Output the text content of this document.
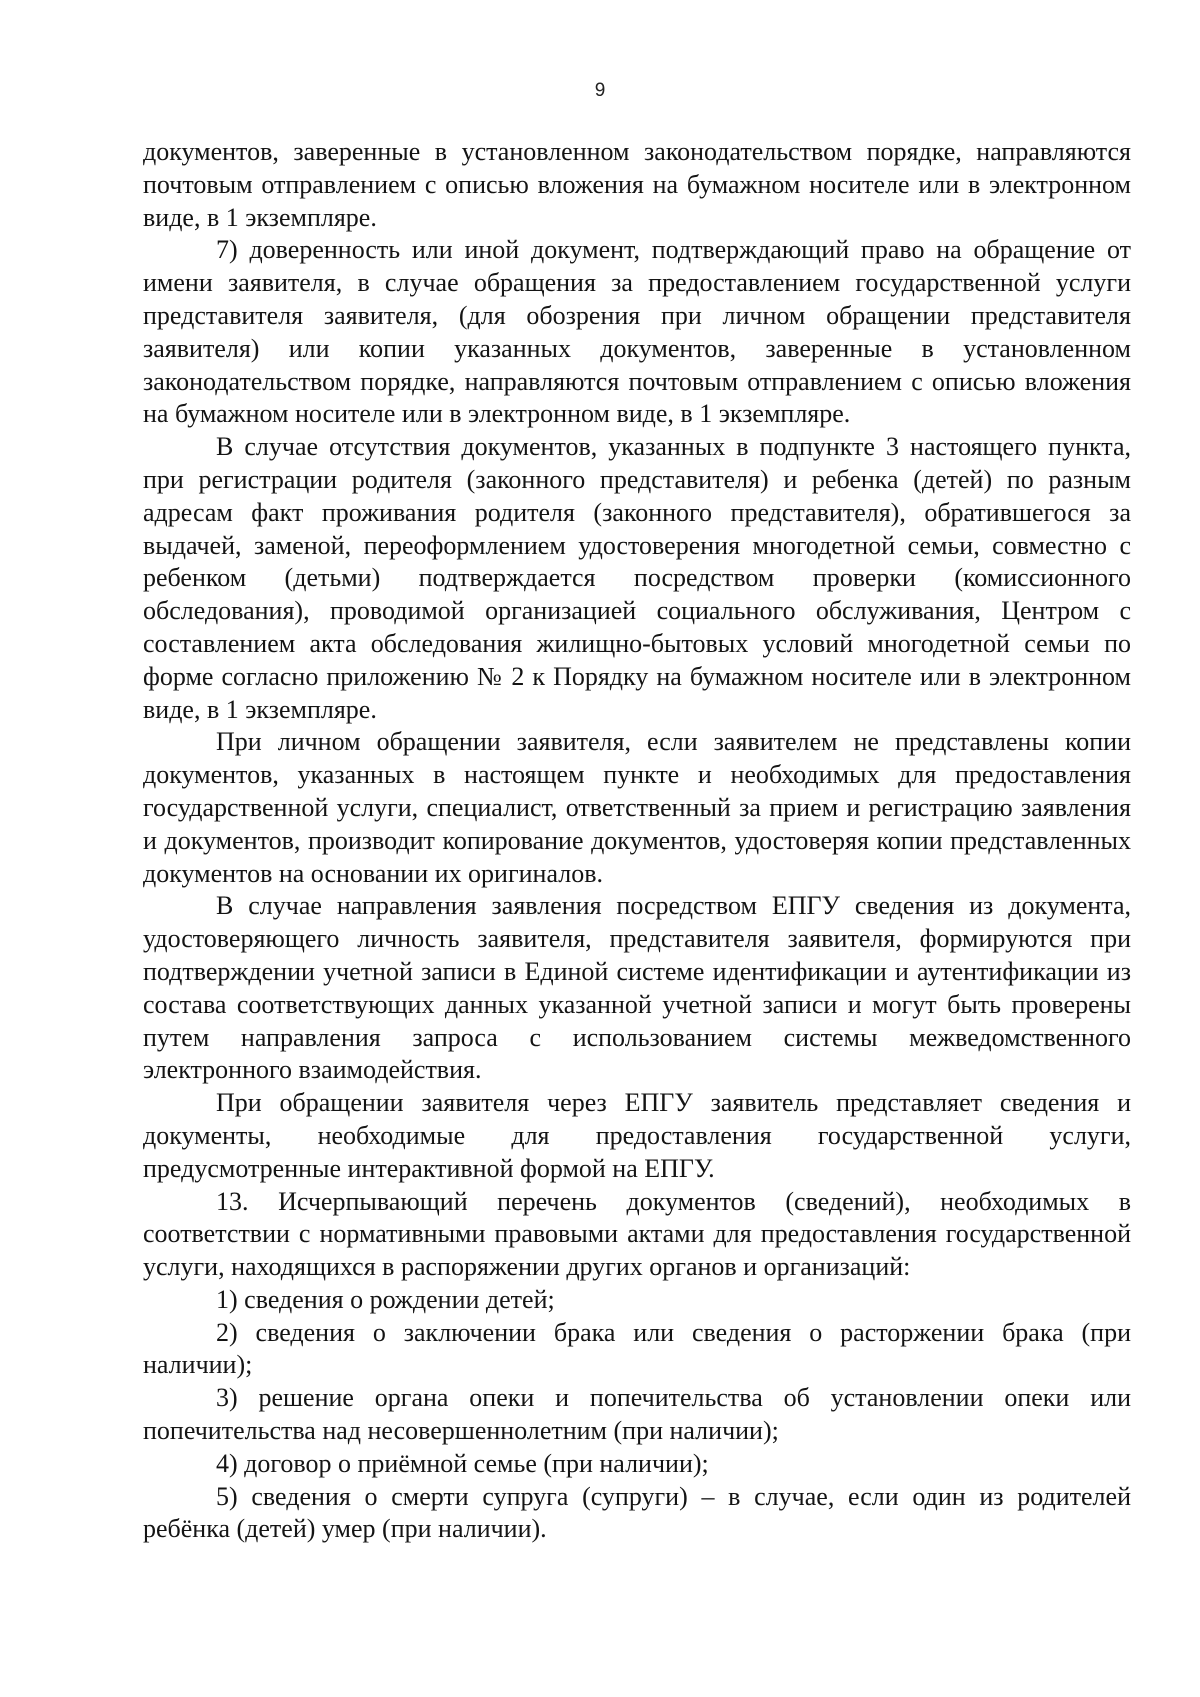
9

документов, заверенные в установленном законодательством порядке, направляются почтовым отправлением с описью вложения на бумажном носителе или в электронном виде, в 1 экземпляре.

7) доверенность или иной документ, подтверждающий право на обращение от имени заявителя, в случае обращения за предоставлением государственной услуги представителя заявителя, (для обозрения при личном обращении представителя заявителя) или копии указанных документов, заверенные в установленном законодательством порядке, направляются почтовым отправлением с описью вложения на бумажном носителе или в электронном виде, в 1 экземпляре.

В случае отсутствия документов, указанных в подпункте 3 настоящего пункта, при регистрации родителя (законного представителя) и ребенка (детей) по разным адресам факт проживания родителя (законного представителя), обратившегося за выдачей, заменой, переоформлением удостоверения многодетной семьи, совместно с ребенком (детьми) подтверждается посредством проверки (комиссионного обследования), проводимой организацией социального обслуживания, Центром с составлением акта обследования жилищно-бытовых условий многодетной семьи по форме согласно приложению № 2 к Порядку на бумажном носителе или в электронном виде, в 1 экземпляре.

При личном обращении заявителя, если заявителем не представлены копии документов, указанных в настоящем пункте и необходимых для предоставления государственной услуги, специалист, ответственный за прием и регистрацию заявления и документов, производит копирование документов, удостоверяя копии представленных документов на основании их оригиналов.

В случае направления заявления посредством ЕПГУ сведения из документа, удостоверяющего личность заявителя, представителя заявителя, формируются при подтверждении учетной записи в Единой системе идентификации и аутентификации из состава соответствующих данных указанной учетной записи и могут быть проверены путем направления запроса с использованием системы межведомственного электронного взаимодействия.

При обращении заявителя через ЕПГУ заявитель представляет сведения и документы, необходимые для предоставления государственной услуги, предусмотренные интерактивной формой на ЕПГУ.

13. Исчерпывающий перечень документов (сведений), необходимых в соответствии с нормативными правовыми актами для предоставления государственной услуги, находящихся в распоряжении других органов и организаций:

1) сведения о рождении детей;

2) сведения о заключении брака или сведения о расторжении брака (при наличии);

3) решение органа опеки и попечительства об установлении опеки или попечительства над несовершеннолетним (при наличии);

4) договор о приёмной семье (при наличии);

5) сведения о смерти супруга (супруги) – в случае, если один из родителей ребёнка (детей) умер (при наличии).
